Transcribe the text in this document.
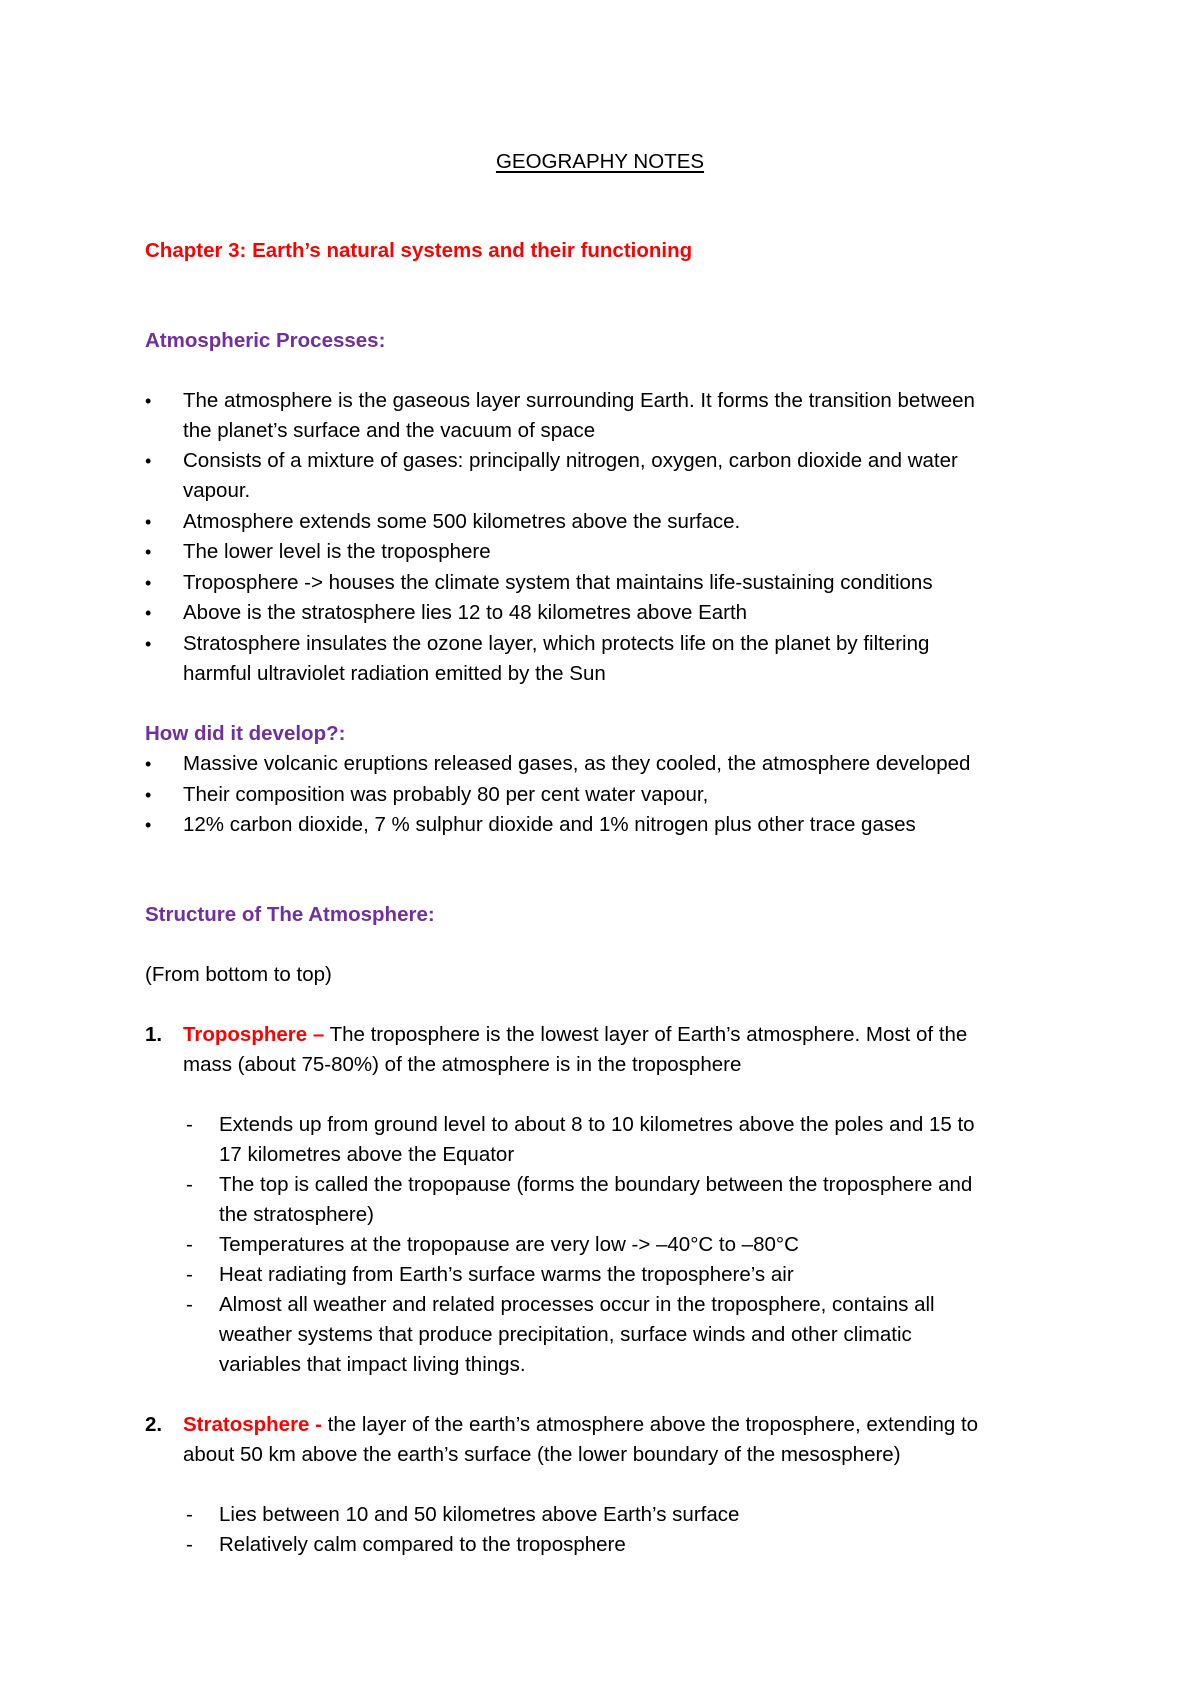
GEOGRAPHY NOTES
Chapter 3: Earth’s natural systems and their functioning
Atmospheric Processes:
•	The atmosphere is the gaseous layer surrounding Earth. It forms the transition between
the planet’s surface and the vacuum of space
•	Consists of a mixture of gases: principally nitrogen, oxygen, carbon dioxide and water
vapour.
•	Atmosphere extends some 500 kilometres above the surface.
•	The lower level is the troposphere
•	Troposphere -> houses the climate system that maintains life-sustaining conditions
•	Above is the stratosphere lies 12 to 48 kilometres above Earth
•	Stratosphere insulates the ozone layer, which protects life on the planet by filtering
harmful ultraviolet radiation emitted by the Sun
How did it develop?:
•	Massive volcanic eruptions released gases, as they cooled, the atmosphere developed
•	Their composition was probably 80 per cent water vapour,
•	12% carbon dioxide, 7 % sulphur dioxide and 1% nitrogen plus other trace gases
Structure of The Atmosphere:
(From bottom to top)
1. Troposphere – The troposphere is the lowest layer of Earth’s atmosphere. Most of the
mass (about 75-80%) of the atmosphere is in the troposphere
- Extends up from ground level to about 8 to 10 kilometres above the poles and 15 to
17 kilometres above the Equator
- The top is called the tropopause (forms the boundary between the troposphere and
the stratosphere)
- Temperatures at the tropopause are very low -> –40°C to –80°C
- Heat radiating from Earth’s surface warms the troposphere’s air
- Almost all weather and related processes occur in the troposphere, contains all
weather systems that produce precipitation, surface winds and other climatic
variables that impact living things.
2. Stratosphere - the layer of the earth’s atmosphere above the troposphere, extending to
about 50 km above the earth’s surface (the lower boundary of the mesosphere)
- Lies between 10 and 50 kilometres above Earth’s surface
- Relatively calm compared to the troposphere
